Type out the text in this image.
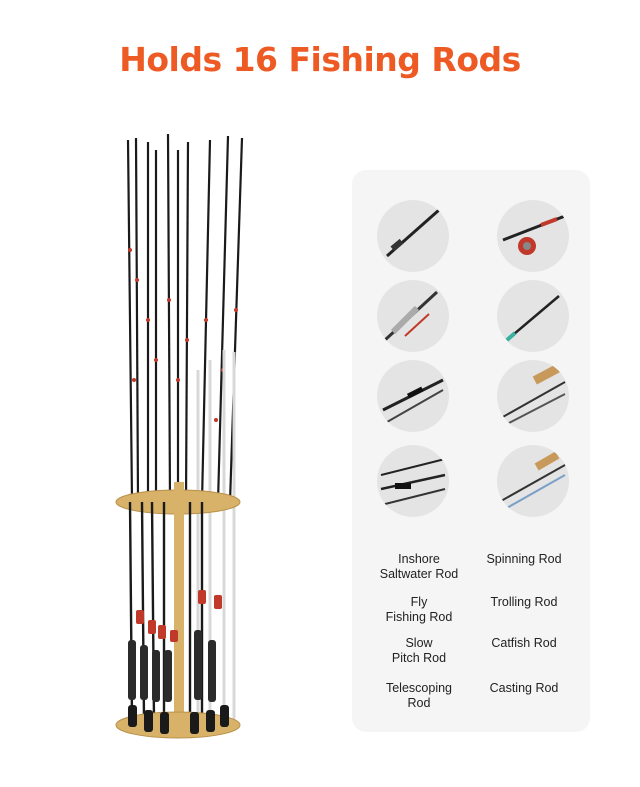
Holds 16 Fishing Rods
Inshore
Saltwater Rod
Spinning Rod
Fly
Fishing Rod
Trolling Rod
Slow
Pitch Rod
Catfish Rod
Telescoping
Rod
Casting Rod
